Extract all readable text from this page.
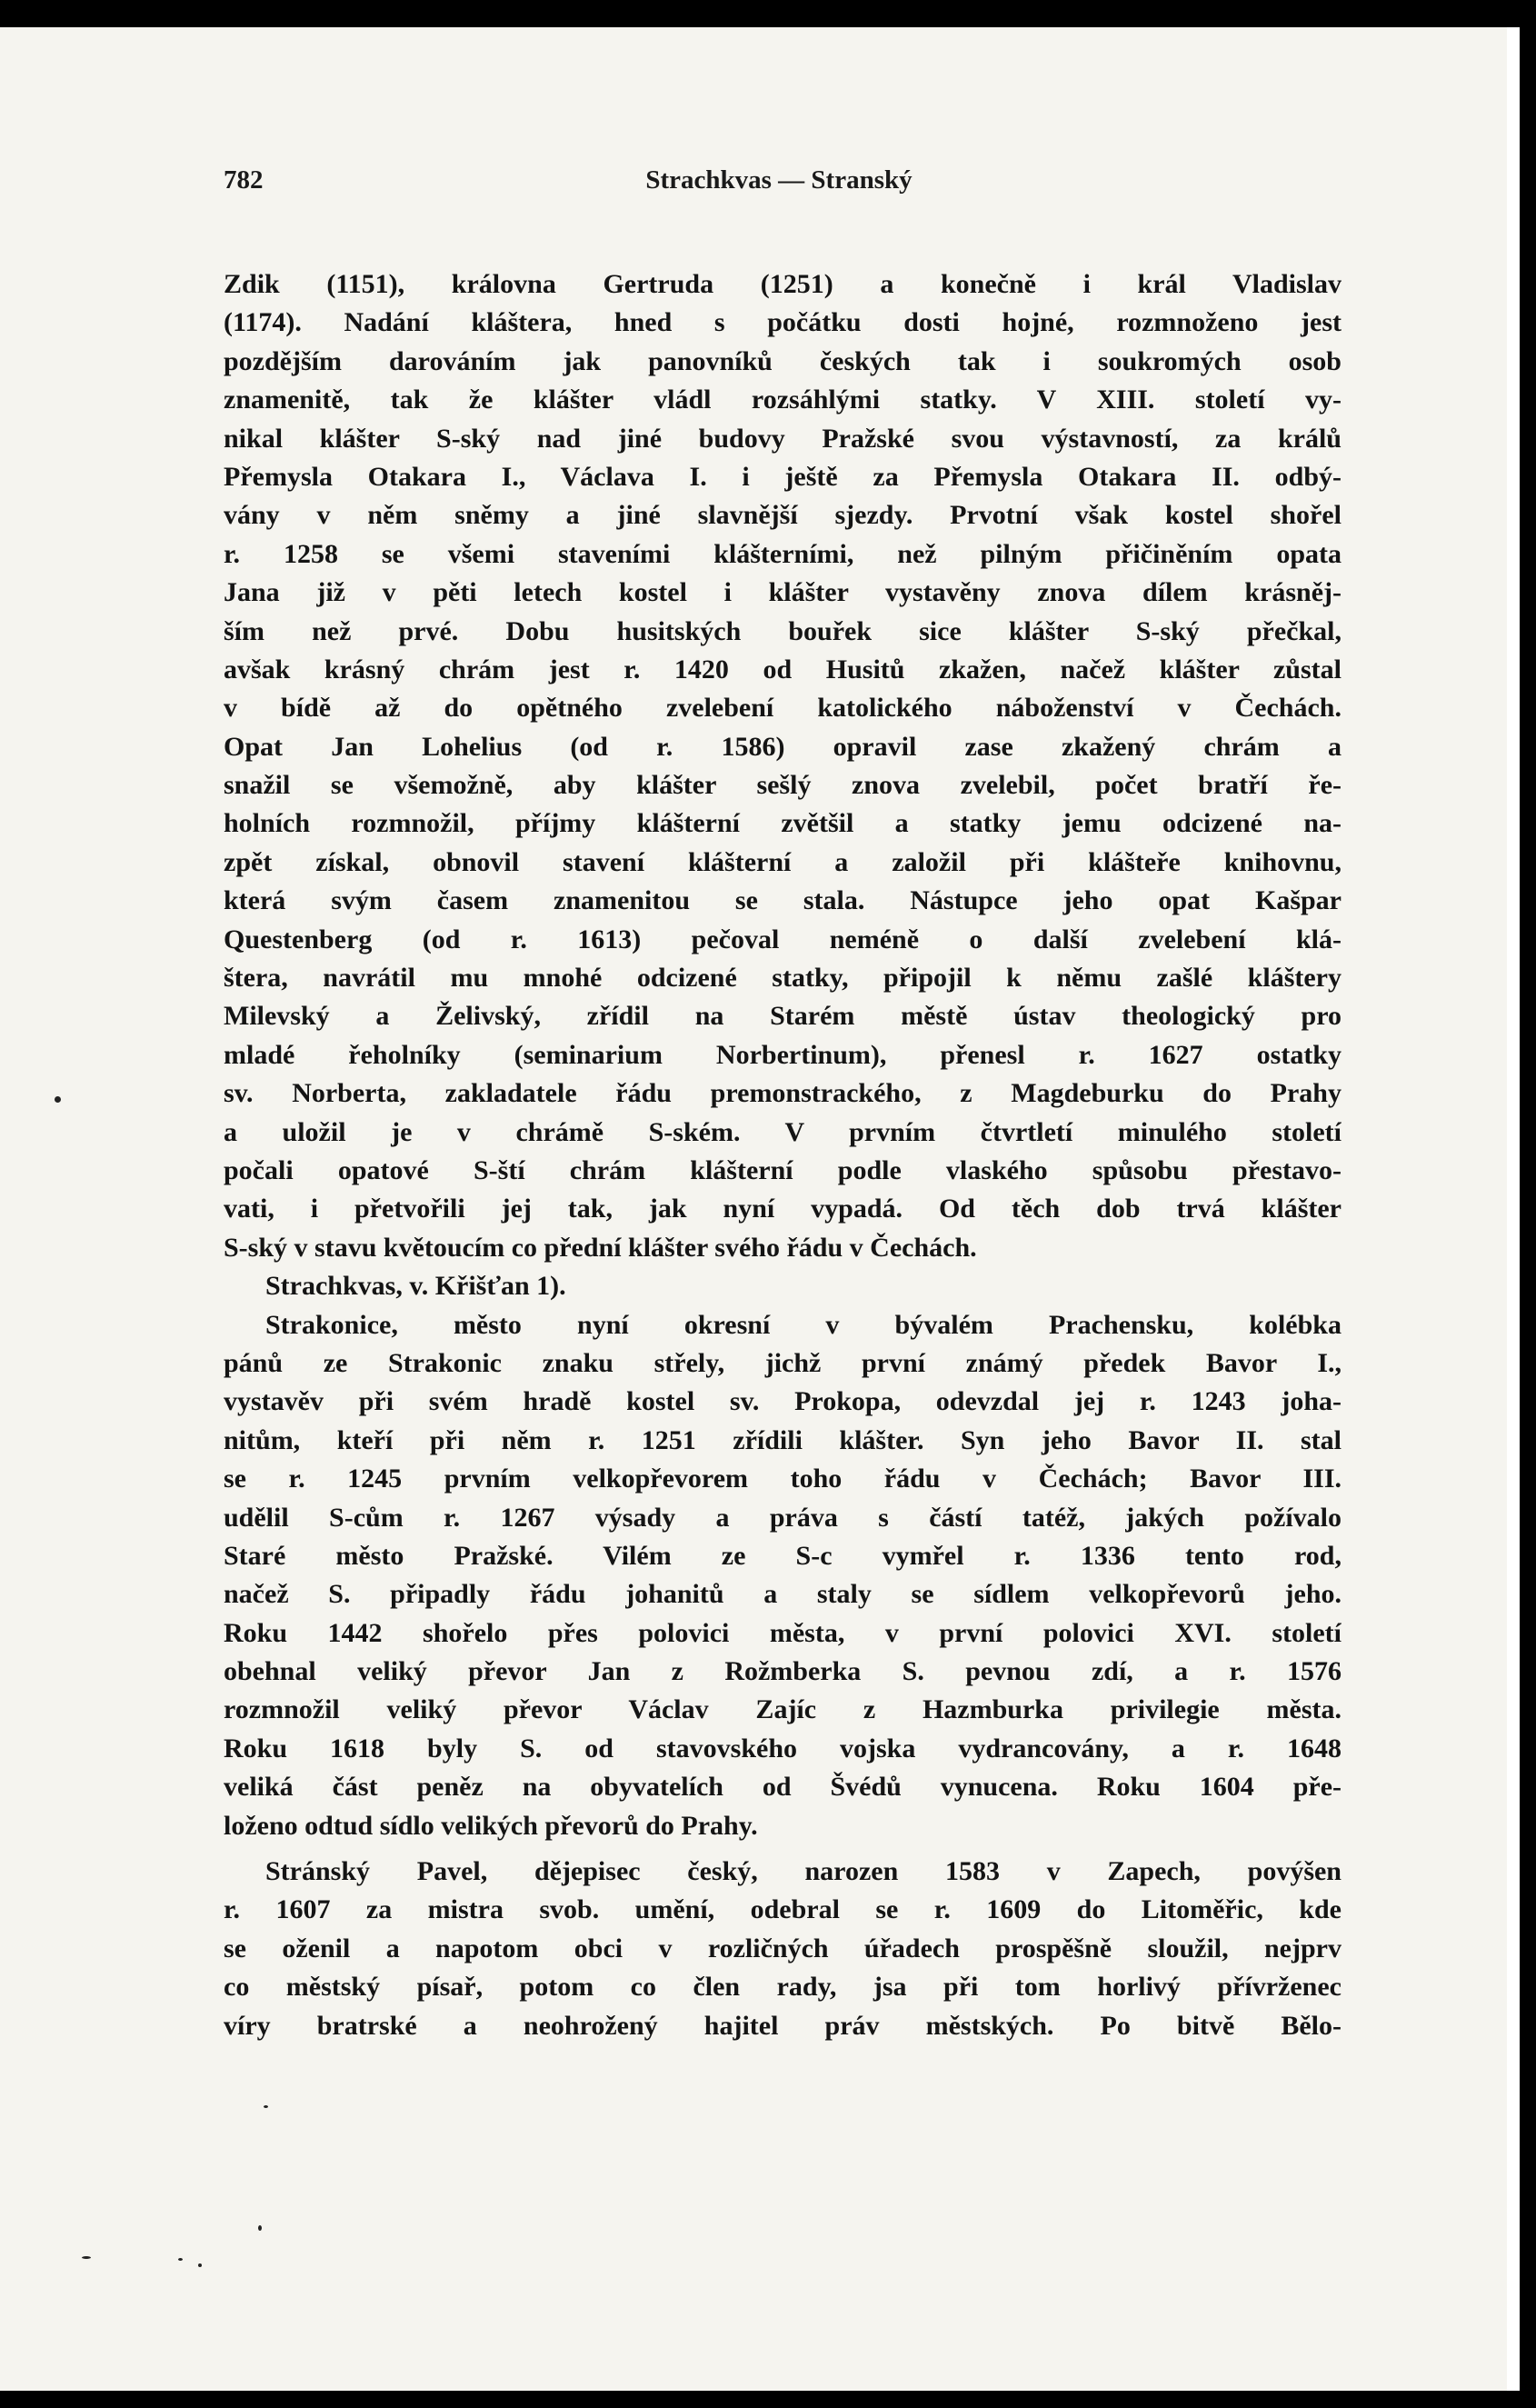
782	Strachkvas — Stranský
Zdik (1151), královna Gertruda (1251) a konečně i král Vladislav
(1174). Nadání kláštera, hned s počátku dosti hojné, rozmnoženo jest
pozdějším darováním jak panovníků českých tak i soukromých osob
znamenitě, tak že klášter vládl rozsáhlými statky. V XIII. století vy-
nikal klášter S-ský nad jiné budovy Pražské svou výstavností, za králů
Přemysla Otakara I., Václava I. i ještě za Přemysla Otakara II. odbý-
vány v něm sněmy a jiné slavnější sjezdy. Prvotní však kostel shořel
r. 1258 se všemi staveními klášterními, než pilným přičiněním opata
Jana již v pěti letech kostel i klášter vystavěny znova dílem krásněj-
ším než prvé. Dobu husitských bouřek sice klášter S-ský přečkal,
avšak krásný chrám jest r. 1420 od Husitů zkažen, načež klášter zůstal
v bídě až do opětného zvelebení katolického náboženství v Čechách.
Opat Jan Lohelius (od r. 1586) opravil zase zkažený chrám a
snažil se všemožně, aby klášter sešlý znova zvelebil, počet bratří ře-
holních rozmnožil, příjmy klášterní zvětšil a statky jemu odcizené na-
zpět získal, obnovil stavení klášterní a založil při klášteře knihovnu,
která svým časem znamenitou se stala. Nástupce jeho opat Kašpar
Questenberg (od r. 1613) pečoval neméně o další zvelebení klá-
štera, navrátil mu mnohé odcizené statky, připojil k němu zašlé kláštery
Milevský a Želivský, zřídil na Starém městě ústav theologický pro
mladé řeholníky (seminarium Norbertinum), přenesl r. 1627 ostatky
sv. Norberta, zakladatele řádu premonstrackého, z Magdeburku do Prahy
a uložil je v chrámě S-ském. V prvním čtvrtletí minulého století
počali opatové S-ští chrám klášterní podle vlaského spůsobu přestavo-
vati, i přetvořili jej tak, jak nyní vypadá. Od těch dob trvá klášter
S-ský v stavu květoucím co přední klášter svého řádu v Čechách.
Strachkvas, v. Křišťan 1).
Strakonice, město nyní okresní v bývalém Prachensku, kolébka
pánů ze Strakonic znaku střely, jichž první známý předek Bavor I.,
vystavěv při svém hradě kostel sv. Prokopa, odevzdal jej r. 1243 joha-
nitům, kteří při něm r. 1251 zřídili klášter. Syn jeho Bavor II. stal
se r. 1245 prvním velkopřevorem toho řádu v Čechách; Bavor III.
udělil S-cům r. 1267 výsady a práva s částí tatéž, jakých požívalo
Staré město Pražské. Vilém ze S-c vymřel r. 1336 tento rod,
načež S. připadly řádu johanitů a staly se sídlem velkopřevorů jeho.
Roku 1442 shořelo přes polovici města, v první polovici XVI. století
obehnal veliký převor Jan z Rožmberka S. pevnou zdí, a r. 1576
rozmnožil veliký převor Václav Zajíc z Hazmburka privilegie města.
Roku 1618 byly S. od stavovského vojska vydrancovány, a r. 1648
veliká část peněz na obyvatelích od Švédů vynucena. Roku 1604 pře-
loženo odtud sídlo velikých převorů do Prahy.
Stránský Pavel, dějepisec český, narozen 1583 v Zapech, povýšen
r. 1607 za mistra svob. umění, odebral se r. 1609 do Litoměřic, kde
se oženil a napotom obci v rozličných úřadech prospěšně sloužil, nejprv
co městský písař, potom co člen rady, jsa při tom horlivý přívrženec
víry bratrské a neohrožený hajitel práv městských. Po bitvě Bělo-
